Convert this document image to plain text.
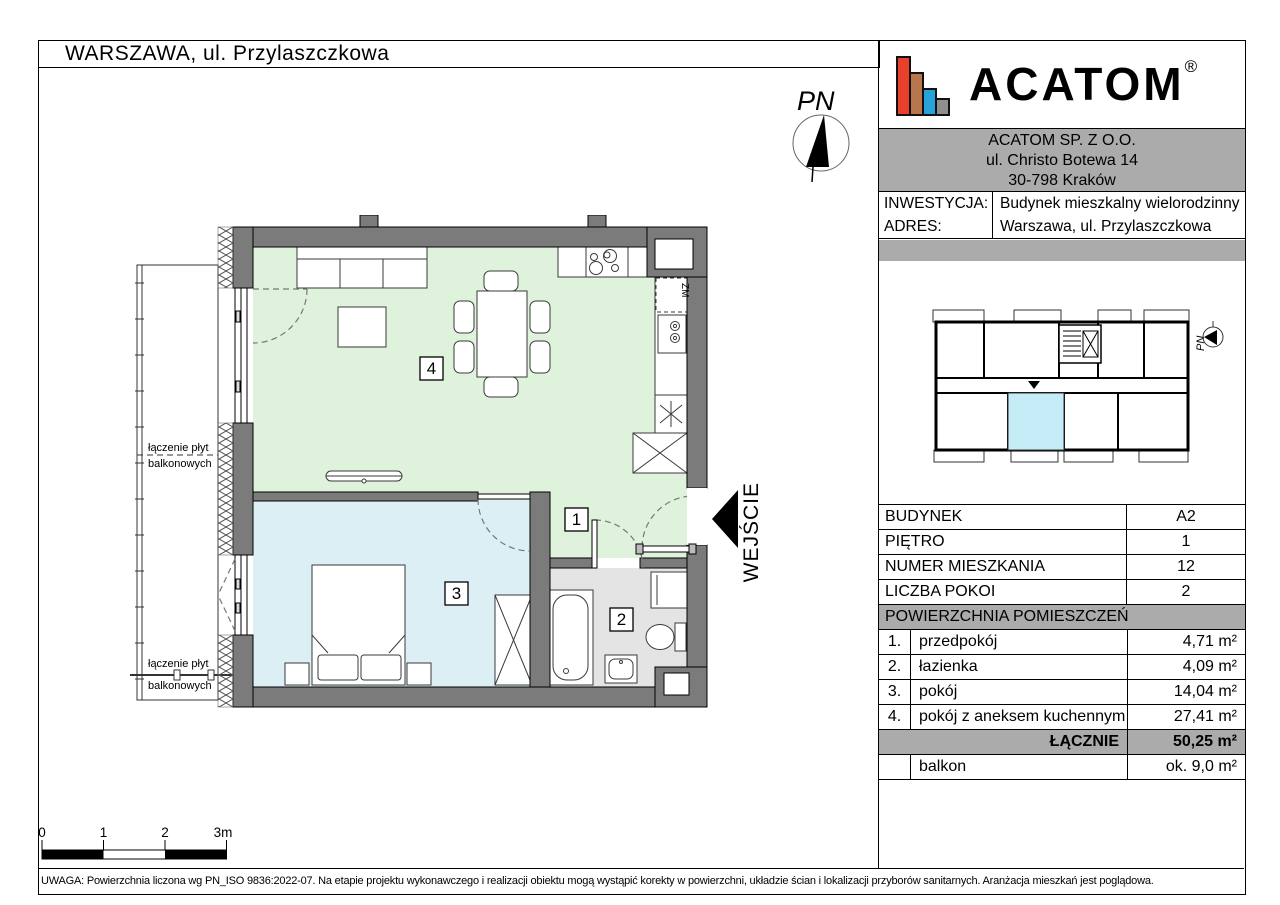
WARSZAWA, ul. Przylaszczkowa
łączenie płyt
balkonowych
łączenie płyt
balkonowych
4
1
3
2
ZM
PN
WEJŚCIE
0	1	2	3m
ACATOM®
ACATOM SP. Z O.O.
ul. Christo Botewa 14
30-798 Kraków
INWESTYCJA: Budynek mieszkalny wielorodzinny
ADRES:	Warszawa, ul. Przylaszczkowa
PN
BUDYNEK	A2
PIĘTRO	1
NUMER MIESZKANIA	12
LICZBA POKOI	2
POWIERZCHNIA POMIESZCZEŃ
1.	przedpokój	4,71 m²
2.	łazienka	4,09 m²
3.	pokój	14,04 m²
4.	pokój z aneksem kuchennym	27,41 m²
ŁĄCZNIE	50,25 m²
balkon	ok. 9,0 m²
UWAGA: Powierzchnia liczona wg PN_ISO 9836:2022-07. Na etapie projektu wykonawczego i realizacji obiektu mogą wystąpić korekty w powierzchni, układzie ścian i lokalizacji przyborów sanitarnych. Aranżacja mieszkań jest poglądowa.
